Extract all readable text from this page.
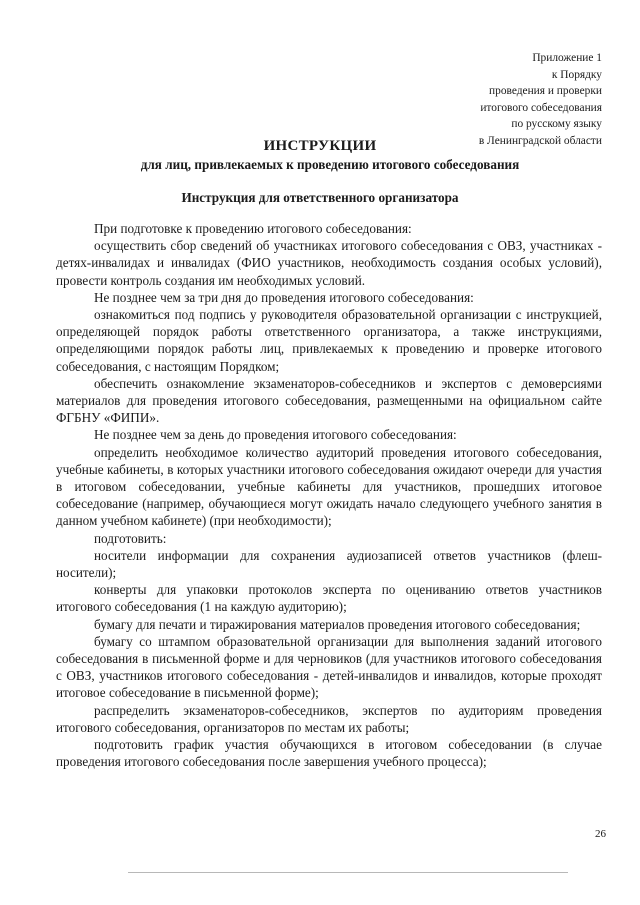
Приложение 1
к Порядку
проведения и проверки
итогового собеседования
по русскому языку
в Ленинградской области
ИНСТРУКЦИИ
для лиц, привлекаемых к проведению итогового собеседования
Инструкция для ответственного организатора

При подготовке к проведению итогового собеседования:

осуществить сбор сведений об участниках итогового собеседования с ОВЗ, участниках - детях-инвалидах и инвалидах (ФИО участников, необходимость создания особых условий), провести контроль создания им необходимых условий.

Не позднее чем за три дня до проведения итогового собеседования:

ознакомиться под подпись у руководителя образовательной организации с инструкцией, определяющей порядок работы ответственного организатора, а также инструкциями, определяющими порядок работы лиц, привлекаемых к проведению и проверке итогового собеседования, с настоящим Порядком;

обеспечить ознакомление экзаменаторов-собеседников и экспертов с демоверсиями материалов для проведения итогового собеседования, размещенными на официальном сайте ФГБНУ «ФИПИ».

Не позднее чем за день до проведения итогового собеседования:

определить необходимое количество аудиторий проведения итогового собеседования, учебные кабинеты, в которых участники итогового собеседования ожидают очереди для участия в итоговом собеседовании, учебные кабинеты для участников, прошедших итоговое собеседование (например, обучающиеся могут ожидать начало следующего учебного занятия в данном учебном кабинете) (при необходимости);

подготовить:

носители информации для сохранения аудиозаписей ответов участников (флеш-носители);

конверты для упаковки протоколов эксперта по оцениванию ответов участников итогового собеседования (1 на каждую аудиторию);

бумагу для печати и тиражирования материалов проведения итогового собеседования;

бумагу со штампом образовательной организации для выполнения заданий итогового собеседования в письменной форме и для черновиков (для участников итогового собеседования с ОВЗ, участников итогового собеседования - детей-инвалидов и инвалидов, которые проходят итоговое собеседование в письменной форме);

распределить экзаменаторов-собеседников, экспертов по аудиториям проведения итогового собеседования, организаторов по местам их работы;

подготовить график участия обучающихся в итоговом собеседовании (в случае проведения итогового собеседования после завершения учебного процесса);

26
